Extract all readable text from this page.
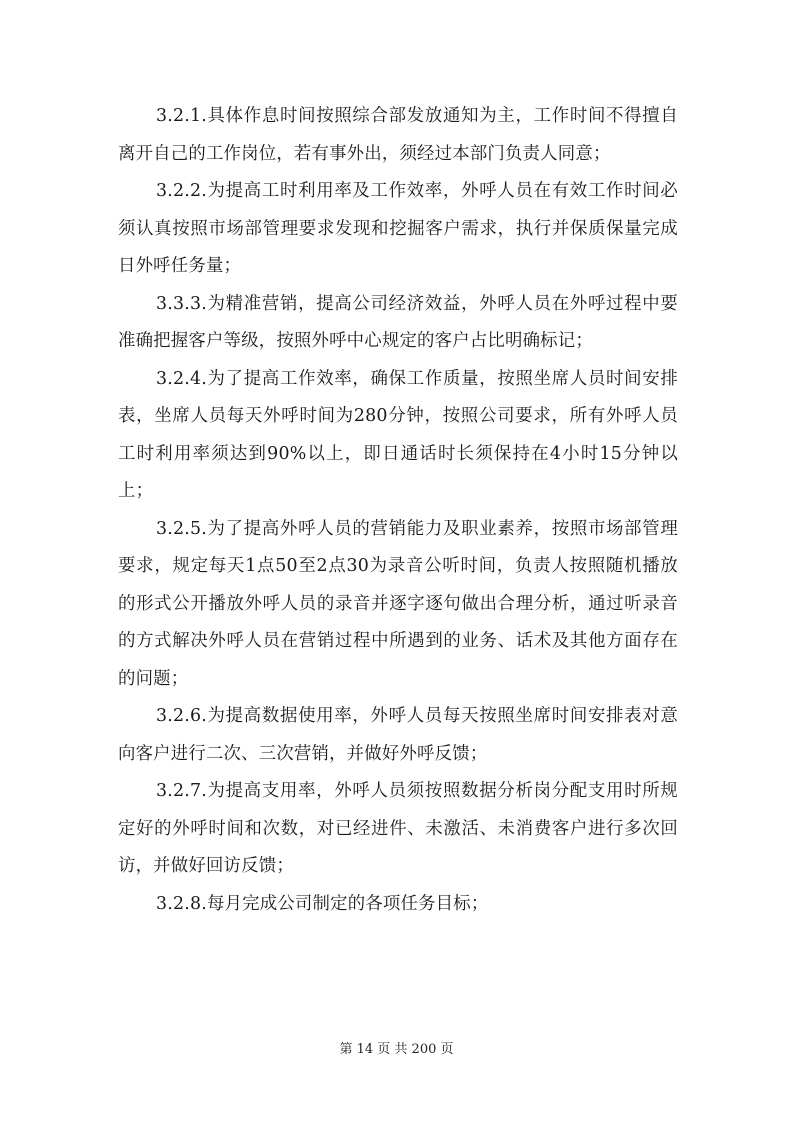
3.2.1.具体作息时间按照综合部发放通知为主，工作时间不得擅自离开自己的工作岗位，若有事外出，须经过本部门负责人同意；

3.2.2.为提高工时利用率及工作效率，外呼人员在有效工作时间必须认真按照市场部管理要求发现和挖掘客户需求，执行并保质保量完成日外呼任务量；

3.3.3.为精准营销，提高公司经济效益，外呼人员在外呼过程中要准确把握客户等级，按照外呼中心规定的客户占比明确标记；

3.2.4.为了提高工作效率，确保工作质量，按照坐席人员时间安排表，坐席人员每天外呼时间为280分钟，按照公司要求，所有外呼人员工时利用率须达到90%以上，即日通话时长须保持在4小时15分钟以上；

3.2.5.为了提高外呼人员的营销能力及职业素养，按照市场部管理要求，规定每天1点50至2点30为录音公听时间，负责人按照随机播放的形式公开播放外呼人员的录音并逐字逐句做出合理分析，通过听录音的方式解决外呼人员在营销过程中所遇到的业务、话术及其他方面存在的问题；

3.2.6.为提高数据使用率，外呼人员每天按照坐席时间安排表对意向客户进行二次、三次营销，并做好外呼反馈；

3.2.7.为提高支用率，外呼人员须按照数据分析岗分配支用时所规定好的外呼时间和次数，对已经进件、未激活、未消费客户进行多次回访，并做好回访反馈；

3.2.8.每月完成公司制定的各项任务目标；

第 14 页 共 200 页
